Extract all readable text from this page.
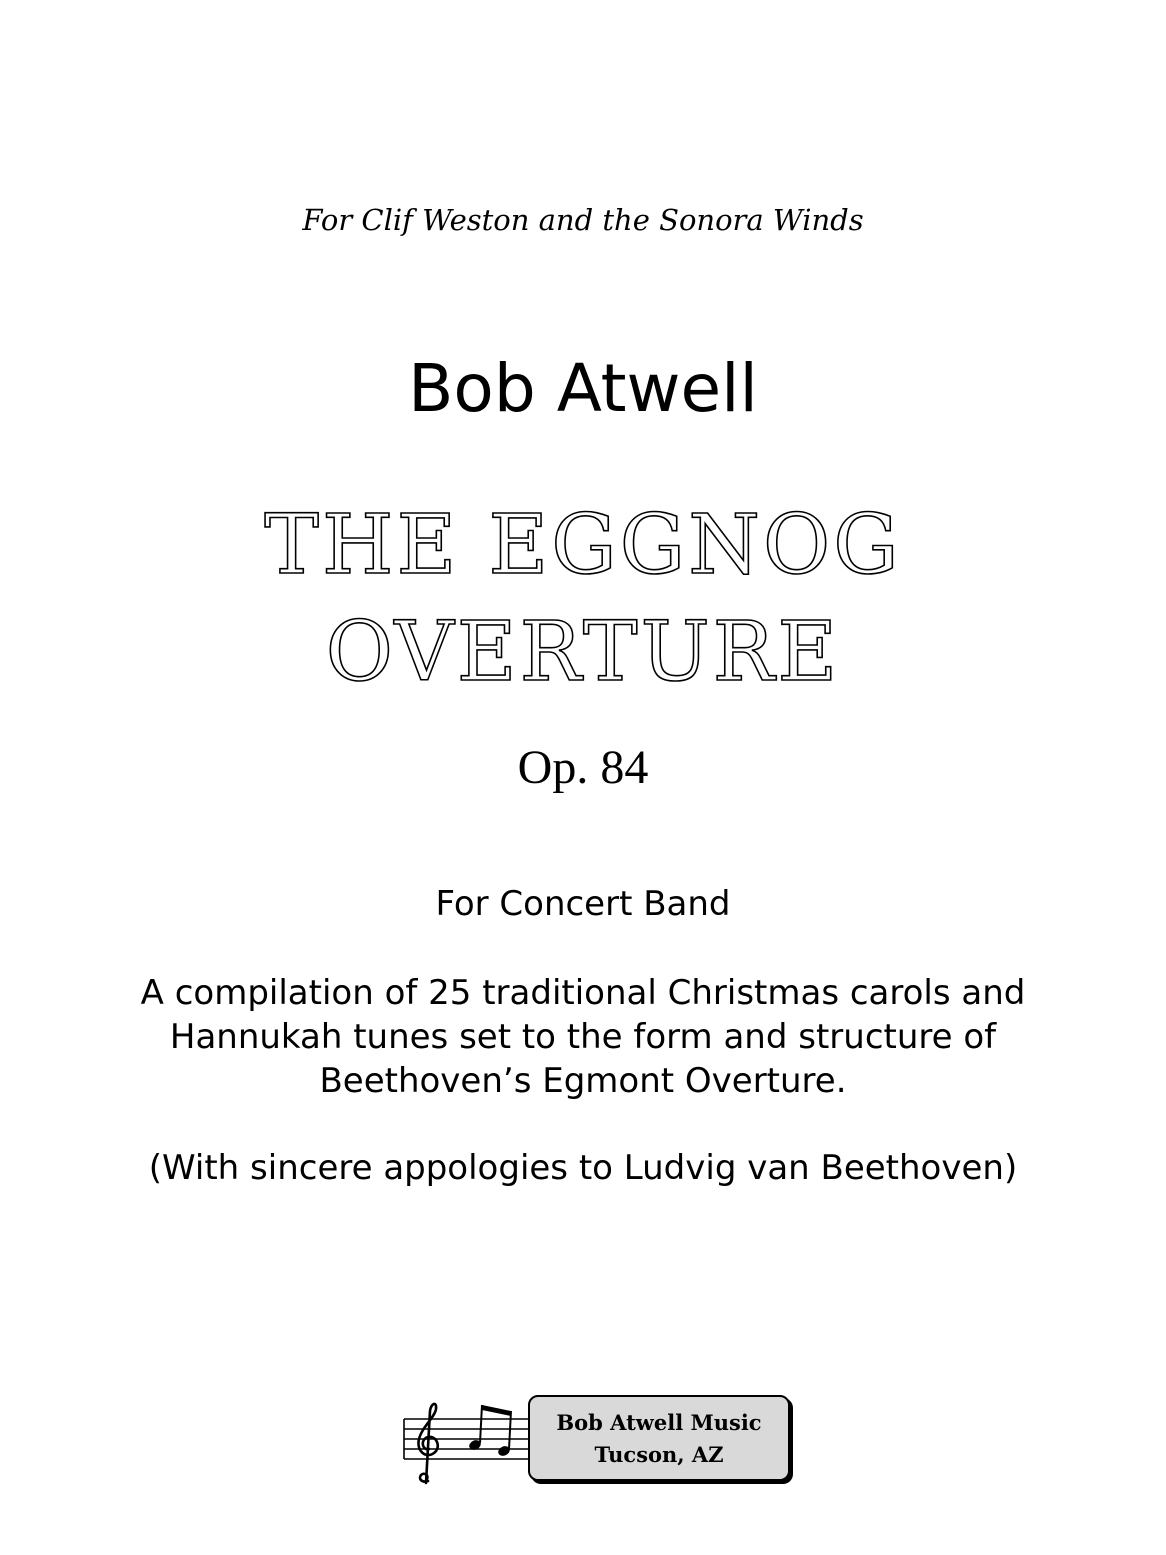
For Clif Weston and the Sonora Winds
Bob Atwell
THE EGGNOG
OVERTURE
Op. 84
For Concert Band
A compilation of 25 traditional Christmas carols and
Hannukah tunes set to the form and structure of
Beethoven’s Egmont Overture.
(With sincere appologies to Ludvig van Beethoven)
Bob Atwell Music
Tucson, AZ
